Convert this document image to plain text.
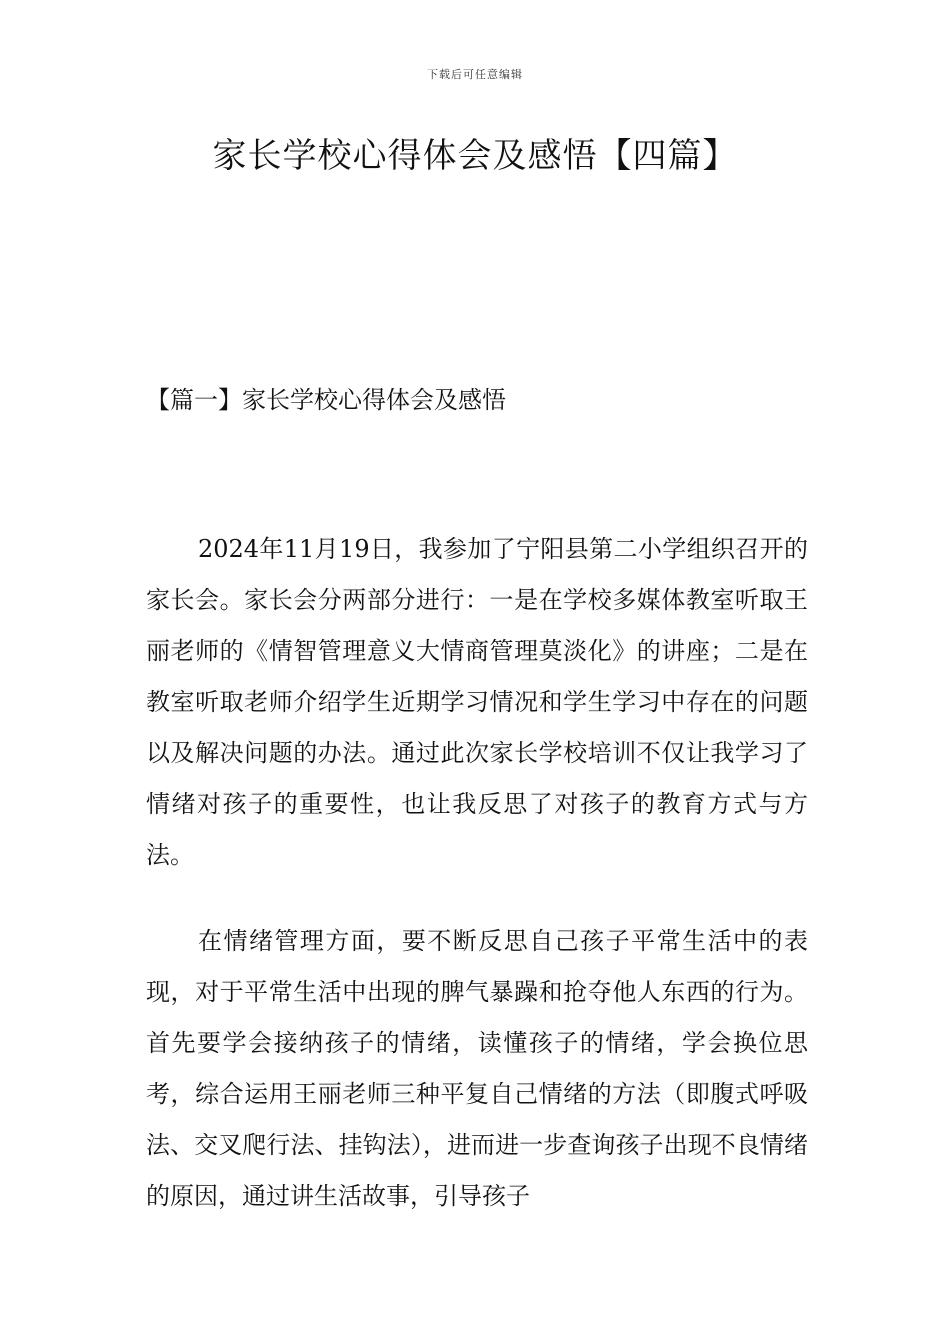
下载后可任意编辑
家长学校心得体会及感悟【四篇】
【篇一】家长学校心得体会及感悟

2024年11月19日，我参加了宁阳县第二小学组织召开的家长会。家长会分两部分进行：一是在学校多媒体教室听取王丽老师的《情智管理意义大情商管理莫淡化》的讲座；二是在教室听取老师介绍学生近期学习情况和学生学习中存在的问题以及解决问题的办法。通过此次家长学校培训不仅让我学习了情绪对孩子的重要性，也让我反思了对孩子的教育方式与方法。

在情绪管理方面，要不断反思自己孩子平常生活中的表现，对于平常生活中出现的脾气暴躁和抢夺他人东西的行为。首先要学会接纳孩子的情绪，读懂孩子的情绪，学会换位思考，综合运用王丽老师三种平复自己情绪的方法（即腹式呼吸法、交叉爬行法、挂钩法），进而进一步查询孩子出现不良情绪的原因，通过讲生活故事，引导孩子
